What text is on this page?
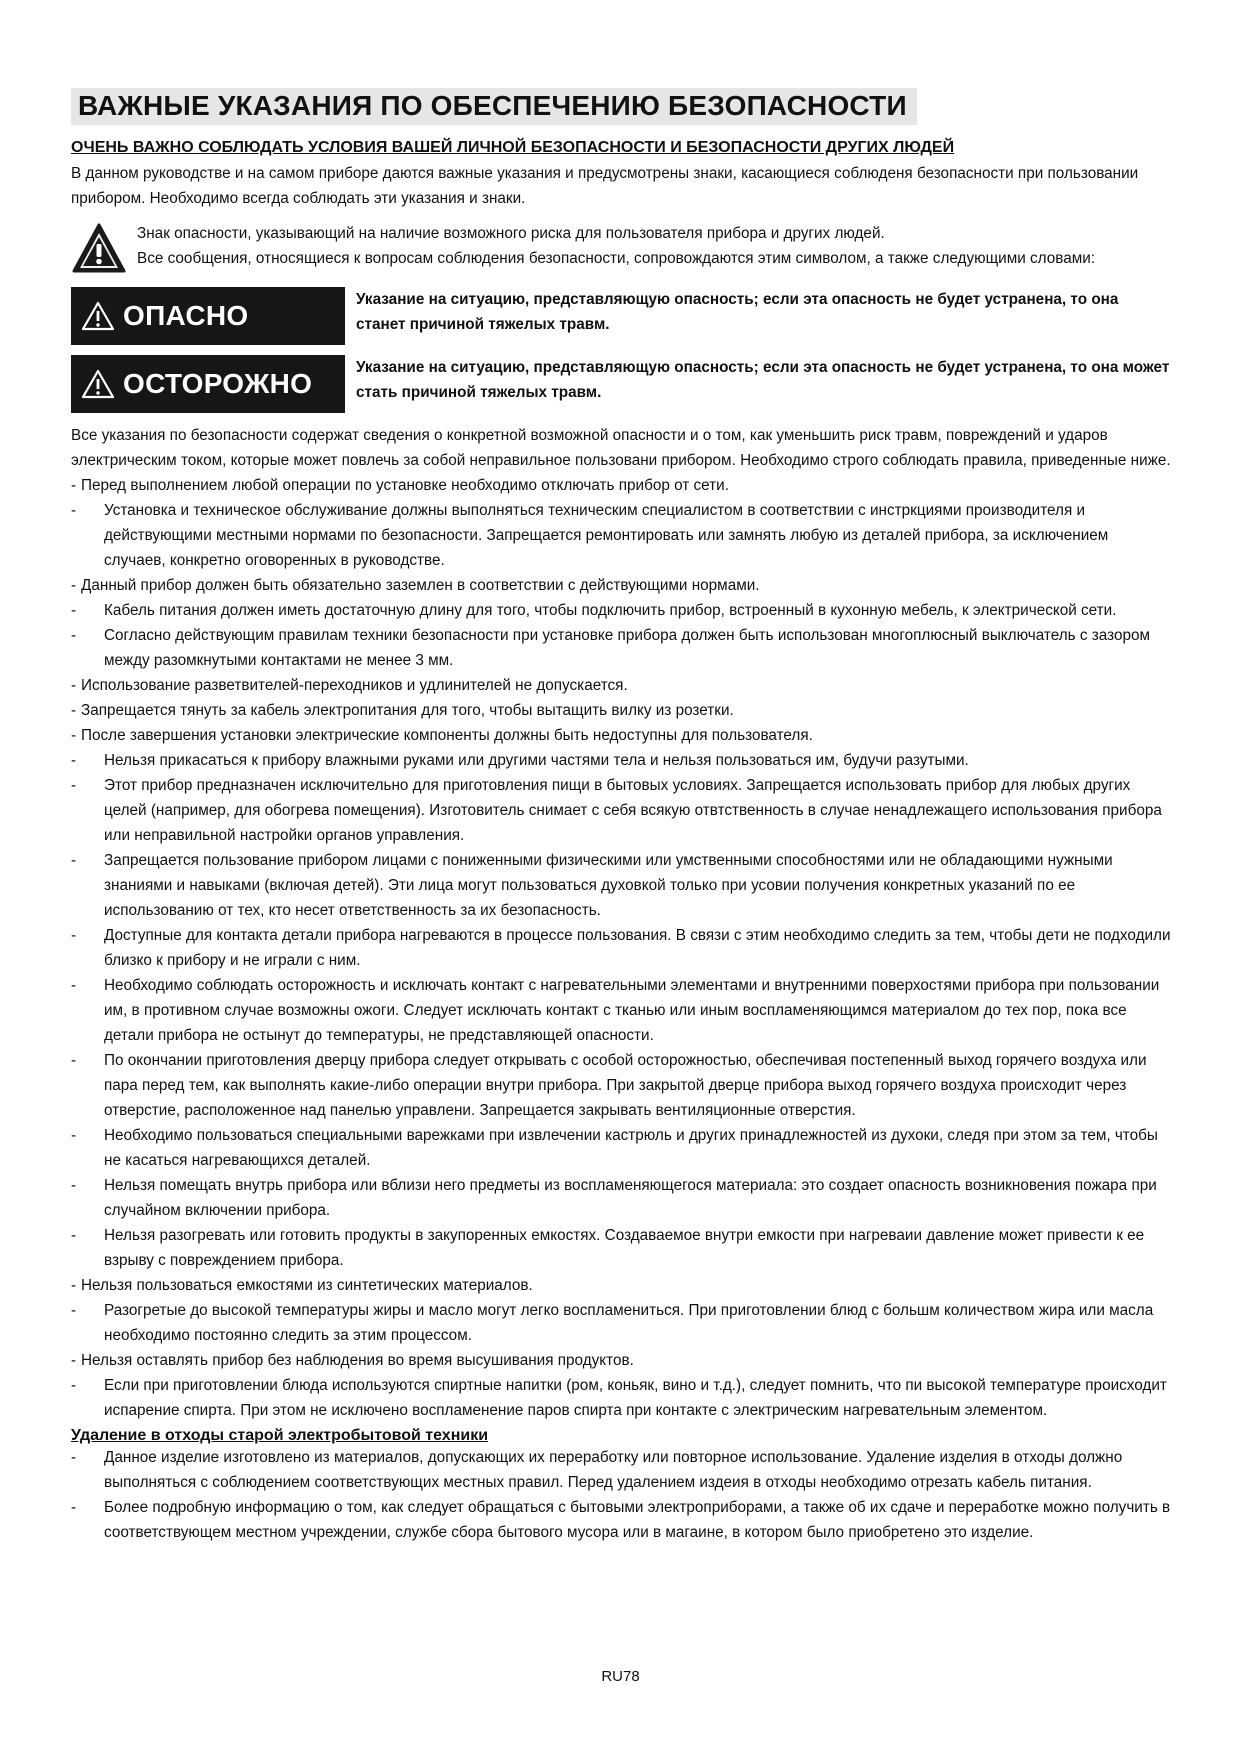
ВАЖНЫЕ УКАЗАНИЯ ПО ОБЕСПЕЧЕНИЮ БЕЗОПАСНОСТИ
ОЧЕНЬ ВАЖНО СОБЛЮДАТЬ УСЛОВИЯ ВАШЕЙ ЛИЧНОЙ БЕЗОПАСНОСТИ И БЕЗОПАСНОСТИ ДРУГИХ ЛЮДЕЙ
В данном руководстве и на самом приборе даются важные указания и предусмотрены знаки, касающиеся соблюденя безопасности при пользовании прибором. Необходимо всегда соблюдать эти указания и знаки.
Знак опасности, указывающий на наличие возможного риска для пользователя прибора и других людей.
Все сообщения, относящиеся к вопросам соблюдения безопасности, сопровождаются этим символом, а также следующими словами:
ОПАСНО
Указание на ситуацию, представляющую опасность; если эта опасность не будет устранена, то она станет причиной тяжелых травм.
ОСТОРОЖНО
Указание на ситуацию, представляющую опасность; если эта опасность не будет устранена, то она может стать причиной тяжелых травм.
Все указания по безопасности содержат сведения о конкретной возможной опасности и о том, как уменьшить риск травм, повреждений и ударов электрическим током, которые может повлечь за собой неправильное пользовани прибором. Необходимо строго соблюдать правила, приведенные ниже.
- Перед выполнением любой операции по установке необходимо отключать прибор от сети.
-	Установка и техническое обслуживание должны выполняться техническим специалистом в соответствии с инстркциями производителя и действующими местными нормами по безопасности. Запрещается ремонтировать или замнять любую из деталей прибора, за исключением случаев, конкретно оговоренных в руководстве.
- Данный прибор должен быть обязательно заземлен в соответствии с действующими нормами.
-	Кабель питания должен иметь достаточную длину для того, чтобы подключить прибор, встроенный в кухонную мебель, к электрической сети.
-	Согласно действующим правилам техники безопасности при установке прибора должен быть использован многоплюсный выключатель с зазором между разомкнутыми контактами не менее 3 мм.
- Использование разветвителей-переходников и удлинителей не допускается.
- Запрещается тянуть за кабель электропитания для того, чтобы вытащить вилку из розетки.
- После завершения установки электрические компоненты должны быть недоступны для пользователя.
-	Нельзя прикасаться к прибору влажными руками или другими частями тела и нельзя пользоваться им, будучи разутыми.
-	Этот прибор предназначен исключительно для приготовления пищи в бытовых условиях. Запрещается использовать прибор для любых других целей (например, для обогрева помещения). Изготовитель снимает с себя всякую отвтственность в случае ненадлежащего использования прибора или неправильной настройки органов управления.
-	Запрещается пользование прибором лицами с пониженными физическими или умственными способностями или не обладающими нужными знаниями и навыками (включая детей). Эти лица могут пользоваться духовкой только при усовии получения конкретных указаний по ее использованию от тех, кто несет ответственность за их безопасность.
-	Доступные для контакта детали прибора нагреваются в процессе пользования. В связи с этим необходимо следить за тем, чтобы дети не подходили близко к прибору и не играли с ним.
-	Необходимо соблюдать осторожность и исключать контакт с нагревательными элементами и внутренними поверхостями прибора при пользовании им, в противном случае возможны ожоги. Следует исключать контакт с тканью или иным воспламеняющимся материалом до тех пор, пока все детали прибора не остынут до температуры, не представляющей опасности.
-	По окончании приготовления дверцу прибора следует открывать с особой осторожностью, обеспечивая постепенный выход горячего воздуха или пара перед тем, как выполнять какие-либо операции внутри прибора. При закрытой дверце прибора выход горячего воздуха происходит через отверстие, расположенное над панелью управлени. Запрещается закрывать вентиляционные отверстия.
-	Необходимо пользоваться специальными варежками при извлечении кастрюль и других принадлежностей из духоки, следя при этом за тем, чтобы не касаться нагревающихся деталей.
-	Нельзя помещать внутрь прибора или вблизи него предметы из воспламеняющегося материала: это создает опасность возникновения пожара при случайном включении прибора.
-	Нельзя разогревать или готовить продукты в закупоренных емкостях. Создаваемое внутри емкости при нагреваии давление может привести к ее взрыву с повреждением прибора.
- Нельзя пользоваться емкостями из синтетических материалов.
-	Разогретые до высокой температуры жиры и масло могут легко воспламениться. При приготовлении блюд с большм количеством жира или масла необходимо постоянно следить за этим процессом.
- Нельзя оставлять прибор без наблюдения во время высушивания продуктов.
-	Если при приготовлении блюда используются спиртные напитки (ром, коньяк, вино и т.д.), следует помнить, что пи высокой температуре происходит испарение спирта. При этом не исключено воспламенение паров спирта при контакте с электрическим нагревательным элементом.
Удаление в отходы старой электробытовой техники
-	Данное изделие изготовлено из материалов, допускающих их переработку или повторное использование. Удаление изделия в отходы должно выполняться с соблюдением соответствующих местных правил. Перед удалением издеия в отходы необходимо отрезать кабель питания.
-	Более подробную информацию о том, как следует обращаться с бытовыми электроприборами, а также об их сдаче и переработке можно получить в соответствующем местном учреждении, службе сбора бытового мусора или в магаине, в котором было приобретено это изделие.
RU78
